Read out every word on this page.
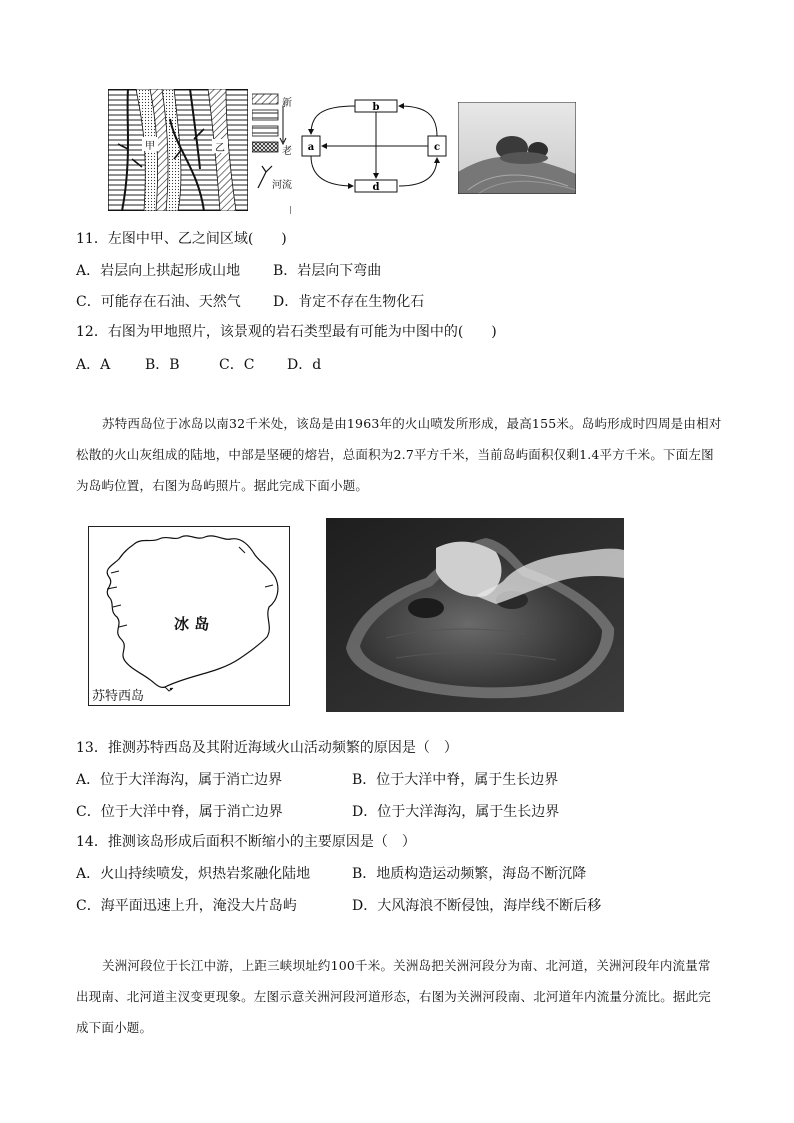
甲	乙
新
老
河流
b
a	c
d
11．左图中甲、乙之间区域(　　)
A．岩层向上拱起形成山地 B．岩层向下弯曲
C．可能存在石油、天然气 D．肯定不存在生物化石
12．右图为甲地照片，该景观的岩石类型最有可能为中图中的(　　)
A．A B．B	C．C D．d
苏特西岛位于冰岛以南32千米处，该岛是由1963年的火山喷发所形成，最高155米。岛屿形成时四周是由相对松散的火山灰组成的陆地，中部是坚硬的熔岩，总面积为2.7平方千米，当前岛屿面积仅剩1.4平方千米。下面左图为岛屿位置，右图为岛屿照片。据此完成下面小题。
冰 岛
苏特西岛
13．推测苏特西岛及其附近海域火山活动频繁的原因是（　）
A．位于大洋海沟，属于消亡边界	B．位于大洋中脊，属于生长边界
C．位于大洋中脊，属于消亡边界	D．位于大洋海沟，属于生长边界
14．推测该岛形成后面积不断缩小的主要原因是（　）
A．火山持续喷发，炽热岩浆融化陆地	B．地质构造运动频繁，海岛不断沉降
C．海平面迅速上升，淹没大片岛屿	D．大风海浪不断侵蚀，海岸线不断后移
关洲河段位于长江中游，上距三峡坝址约100千米。关洲岛把关洲河段分为南、北河道，关洲河段年内流量常出现南、北河道主汊变更现象。左图示意关洲河段河道形态，右图为关洲河段南、北河道年内流量分流比。据此完成下面小题。
